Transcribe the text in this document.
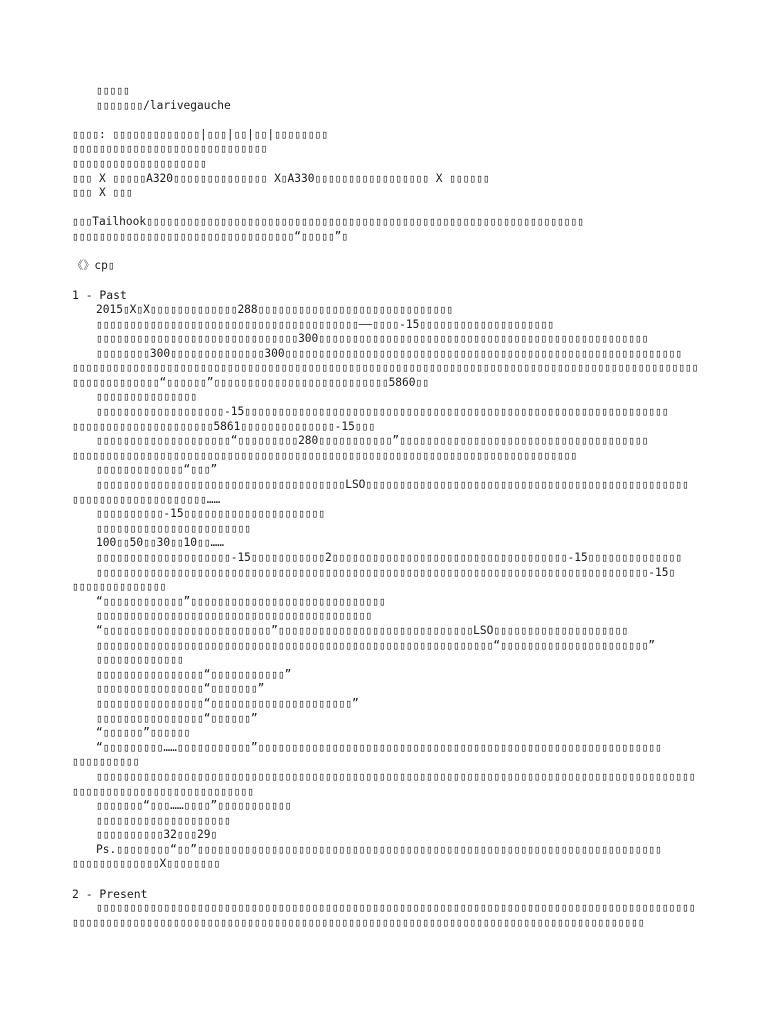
▯▯▯▯▯
▯▯▯▯▯▯▯/larivegauche
▯▯▯▯: ▯▯▯▯▯▯▯▯▯▯▯▯▯|▯▯▯|▯▯|▯▯|▯▯▯▯▯▯▯▯
▯▯▯▯▯▯▯▯▯▯▯▯▯▯▯▯▯▯▯▯▯▯▯▯▯▯▯▯▯
▯▯▯▯▯▯▯▯▯▯▯▯▯▯▯▯▯▯▯▯
▯▯▯ X ▯▯▯▯▯A320▯▯▯▯▯▯▯▯▯▯▯▯▯▯ X▯A330▯▯▯▯▯▯▯▯▯▯▯▯▯▯▯▯▯ X ▯▯▯▯▯▯
▯▯▯ X ▯▯▯
▯▯▯Tailhook▯▯▯▯▯▯▯▯▯▯▯▯▯▯▯▯▯▯▯▯▯▯▯▯▯▯▯▯▯▯▯▯▯▯▯▯▯▯▯▯▯▯▯▯▯▯▯▯▯▯▯▯▯▯▯▯▯▯▯▯▯▯▯▯▯
▯▯▯▯▯▯▯▯▯▯▯▯▯▯▯▯▯▯▯▯▯▯▯▯▯▯▯▯▯▯▯▯▯“▯▯▯▯▯”▯
《》cp▯
1 - Past
2015▯X▯X▯▯▯▯▯▯▯▯▯▯▯▯▯288▯▯▯▯▯▯▯▯▯▯▯▯▯▯▯▯▯▯▯▯▯▯▯▯▯▯▯▯▯
▯▯▯▯▯▯▯▯▯▯▯▯▯▯▯▯▯▯▯▯▯▯▯▯▯▯▯▯▯▯▯▯▯▯▯▯▯▯▯——▯▯▯▯-15▯▯▯▯▯▯▯▯▯▯▯▯▯▯▯▯▯▯▯▯
▯▯▯▯▯▯▯▯▯▯▯▯▯▯▯▯▯▯▯▯▯▯▯▯▯▯▯▯▯▯300▯▯▯▯▯▯▯▯▯▯▯▯▯▯▯▯▯▯▯▯▯▯▯▯▯▯▯▯▯▯▯▯▯▯▯▯▯▯▯▯▯▯▯▯▯▯▯▯▯
▯▯▯▯▯▯▯▯300▯▯▯▯▯▯▯▯▯▯▯▯▯▯300▯▯▯▯▯▯▯▯▯▯▯▯▯▯▯▯▯▯▯▯▯▯▯▯▯▯▯▯▯▯▯▯▯▯▯▯▯▯▯▯▯▯▯▯▯▯▯▯▯▯▯▯▯▯▯▯▯▯▯
▯▯▯▯▯▯▯▯▯▯▯▯▯▯▯▯▯▯▯▯▯▯▯▯▯▯▯▯▯▯▯▯▯▯▯▯▯▯▯▯▯▯▯▯▯▯▯▯▯▯▯▯▯▯▯▯▯▯▯▯▯▯▯▯▯▯▯▯▯▯▯▯▯▯▯▯▯▯▯▯▯▯▯▯▯▯▯▯▯▯▯▯▯
▯▯▯▯▯▯▯▯▯▯▯▯▯“▯▯▯▯▯▯”▯▯▯▯▯▯▯▯▯▯▯▯▯▯▯▯▯▯▯▯▯▯▯▯▯▯5860▯▯
▯▯▯▯▯▯▯▯▯▯▯▯▯▯▯
▯▯▯▯▯▯▯▯▯▯▯▯▯▯▯▯▯▯▯-15▯▯▯▯▯▯▯▯▯▯▯▯▯▯▯▯▯▯▯▯▯▯▯▯▯▯▯▯▯▯▯▯▯▯▯▯▯▯▯▯▯▯▯▯▯▯▯▯▯▯▯▯▯▯▯▯▯▯▯▯▯▯▯
▯▯▯▯▯▯▯▯▯▯▯▯▯▯▯▯▯▯▯▯▯5861▯▯▯▯▯▯▯▯▯▯▯▯▯▯-15▯▯▯
▯▯▯▯▯▯▯▯▯▯▯▯▯▯▯▯▯▯▯▯“▯▯▯▯▯▯▯▯▯280▯▯▯▯▯▯▯▯▯▯▯”▯▯▯▯▯▯▯▯▯▯▯▯▯▯▯▯▯▯▯▯▯▯▯▯▯▯▯▯▯▯▯▯▯▯▯▯▯
▯▯▯▯▯▯▯▯▯▯▯▯▯▯▯▯▯▯▯▯▯▯▯▯▯▯▯▯▯▯▯▯▯▯▯▯▯▯▯▯▯▯▯▯▯▯▯▯▯▯▯▯▯▯▯▯▯▯▯▯▯▯▯▯▯▯▯▯▯▯▯▯▯▯▯
▯▯▯▯▯▯▯▯▯▯▯▯▯“▯▯▯”
▯▯▯▯▯▯▯▯▯▯▯▯▯▯▯▯▯▯▯▯▯▯▯▯▯▯▯▯▯▯▯▯▯▯▯▯▯LSO▯▯▯▯▯▯▯▯▯▯▯▯▯▯▯▯▯▯▯▯▯▯▯▯▯▯▯▯▯▯▯▯▯▯▯▯▯▯▯▯▯▯▯▯▯▯▯▯
▯▯▯▯▯▯▯▯▯▯▯▯▯▯▯▯▯▯▯▯……
▯▯▯▯▯▯▯▯▯▯-15▯▯▯▯▯▯▯▯▯▯▯▯▯▯▯▯▯▯▯▯▯
▯▯▯▯▯▯▯▯▯▯▯▯▯▯▯▯▯▯▯▯▯▯▯
100▯▯50▯▯30▯▯10▯▯……
▯▯▯▯▯▯▯▯▯▯▯▯▯▯▯▯▯▯▯▯-15▯▯▯▯▯▯▯▯▯▯▯2▯▯▯▯▯▯▯▯▯▯▯▯▯▯▯▯▯▯▯▯▯▯▯▯▯▯▯▯▯▯▯▯▯▯▯-15▯▯▯▯▯▯▯▯▯▯▯▯▯▯
▯▯▯▯▯▯▯▯▯▯▯▯▯▯▯▯▯▯▯▯▯▯▯▯▯▯▯▯▯▯▯▯▯▯▯▯▯▯▯▯▯▯▯▯▯▯▯▯▯▯▯▯▯▯▯▯▯▯▯▯▯▯▯▯▯▯▯▯▯▯▯▯▯▯▯▯▯▯▯▯▯▯-15▯
▯▯▯▯▯▯▯▯▯▯▯▯▯▯
“▯▯▯▯▯▯▯▯▯▯▯▯”▯▯▯▯▯▯▯▯▯▯▯▯▯▯▯▯▯▯▯▯▯▯▯▯▯▯▯▯▯
▯▯▯▯▯▯▯▯▯▯▯▯▯▯▯▯▯▯▯▯▯▯▯▯▯▯▯▯▯▯▯▯▯▯▯▯▯▯▯▯▯
“▯▯▯▯▯▯▯▯▯▯▯▯▯▯▯▯▯▯▯▯▯▯▯▯▯”▯▯▯▯▯▯▯▯▯▯▯▯▯▯▯▯▯▯▯▯▯▯▯▯▯▯▯▯▯LSO▯▯▯▯▯▯▯▯▯▯▯▯▯▯▯▯▯▯▯▯
▯▯▯▯▯▯▯▯▯▯▯▯▯▯▯▯▯▯▯▯▯▯▯▯▯▯▯▯▯▯▯▯▯▯▯▯▯▯▯▯▯▯▯▯▯▯▯▯▯▯▯▯▯▯▯▯▯▯▯“▯▯▯▯▯▯▯▯▯▯▯▯▯▯▯▯▯▯▯▯▯▯”
▯▯▯▯▯▯▯▯▯▯▯▯▯
▯▯▯▯▯▯▯▯▯▯▯▯▯▯▯▯“▯▯▯▯▯▯▯▯▯▯▯”
▯▯▯▯▯▯▯▯▯▯▯▯▯▯▯▯“▯▯▯▯▯▯▯”
▯▯▯▯▯▯▯▯▯▯▯▯▯▯▯▯“▯▯▯▯▯▯▯▯▯▯▯▯▯▯▯▯▯▯▯▯▯”
▯▯▯▯▯▯▯▯▯▯▯▯▯▯▯▯“▯▯▯▯▯▯”
“▯▯▯▯▯▯”▯▯▯▯▯▯
“▯▯▯▯▯▯▯▯▯……▯▯▯▯▯▯▯▯▯▯▯”▯▯▯▯▯▯▯▯▯▯▯▯▯▯▯▯▯▯▯▯▯▯▯▯▯▯▯▯▯▯▯▯▯▯▯▯▯▯▯▯▯▯▯▯▯▯▯▯▯▯▯▯▯▯▯▯▯▯▯▯
▯▯▯▯▯▯▯▯▯▯
▯▯▯▯▯▯▯▯▯▯▯▯▯▯▯▯▯▯▯▯▯▯▯▯▯▯▯▯▯▯▯▯▯▯▯▯▯▯▯▯▯▯▯▯▯▯▯▯▯▯▯▯▯▯▯▯▯▯▯▯▯▯▯▯▯▯▯▯▯▯▯▯▯▯▯▯▯▯▯▯▯▯▯▯▯▯▯▯▯
▯▯▯▯▯▯▯▯▯▯▯▯▯▯▯▯▯▯▯▯▯▯▯▯▯▯▯
▯▯▯▯▯▯▯“▯▯▯……▯▯▯▯”▯▯▯▯▯▯▯▯▯▯▯
▯▯▯▯▯▯▯▯▯▯▯▯▯▯▯▯▯▯▯▯
▯▯▯▯▯▯▯▯▯▯32▯▯▯29▯
Ps.▯▯▯▯▯▯▯▯“▯▯”▯▯▯▯▯▯▯▯▯▯▯▯▯▯▯▯▯▯▯▯▯▯▯▯▯▯▯▯▯▯▯▯▯▯▯▯▯▯▯▯▯▯▯▯▯▯▯▯▯▯▯▯▯▯▯▯▯▯▯▯▯▯▯▯▯▯▯▯▯
▯▯▯▯▯▯▯▯▯▯▯▯▯X▯▯▯▯▯▯▯▯
2 - Present
▯▯▯▯▯▯▯▯▯▯▯▯▯▯▯▯▯▯▯▯▯▯▯▯▯▯▯▯▯▯▯▯▯▯▯▯▯▯▯▯▯▯▯▯▯▯▯▯▯▯▯▯▯▯▯▯▯▯▯▯▯▯▯▯▯▯▯▯▯▯▯▯▯▯▯▯▯▯▯▯▯▯▯▯▯▯▯▯▯
▯▯▯▯▯▯▯▯▯▯▯▯▯▯▯▯▯▯▯▯▯▯▯▯▯▯▯▯▯▯▯▯▯▯▯▯▯▯▯▯▯▯▯▯▯▯▯▯▯▯▯▯▯▯▯▯▯▯▯▯▯▯▯▯▯▯▯▯▯▯▯▯▯▯▯▯▯▯▯▯▯▯▯▯▯
